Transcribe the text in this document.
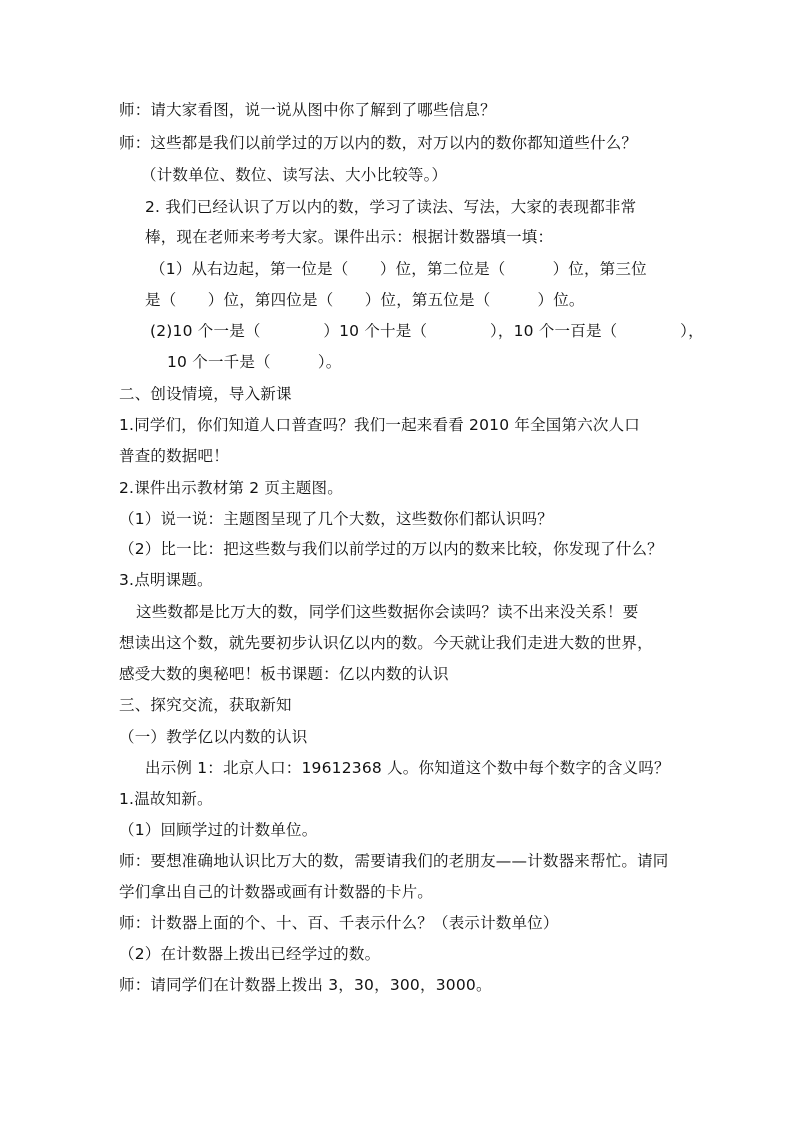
师：请大家看图，说一说从图中你了解到了哪些信息？
师：这些都是我们以前学过的万以内的数，对万以内的数你都知道些什么？
（计数单位、数位、读写法、大小比较等。）
2. 我们已经认识了万以内的数，学习了读法、写法，大家的表现都非常
棒，现在老师来考考大家。课件出示：根据计数器填一填：
（1）从右边起，第一位是（　　）位，第二位是（　　　）位，第三位
是（　　）位，第四位是（　　）位，第五位是（　　　）位。
(2)10 个一是（　　　　）10 个十是（　　　　），10 个一百是（　　　　），
10 个一千是（　　　）。
二、创设情境，导入新课
1.同学们，你们知道人口普查吗？我们一起来看看 2010 年全国第六次人口
普查的数据吧！
2.课件出示教材第 2 页主题图。
（1）说一说：主题图呈现了几个大数，这些数你们都认识吗？
（2）比一比：把这些数与我们以前学过的万以内的数来比较，你发现了什么？
3.点明课题。
这些数都是比万大的数，同学们这些数据你会读吗？读不出来没关系！要
想读出这个数，就先要初步认识亿以内的数。今天就让我们走进大数的世界，
感受大数的奥秘吧！板书课题：亿以内数的认识
三、探究交流，获取新知
（一）教学亿以内数的认识
出示例 1：北京人口：19612368 人。你知道这个数中每个数字的含义吗？
1.温故知新。
（1）回顾学过的计数单位。
师：要想准确地认识比万大的数，需要请我们的老朋友——计数器来帮忙。请同
学们拿出自己的计数器或画有计数器的卡片。
师：计数器上面的个、十、百、千表示什么？（表示计数单位）
（2）在计数器上拨出已经学过的数。
师：请同学们在计数器上拨出 3，30，300，3000。
